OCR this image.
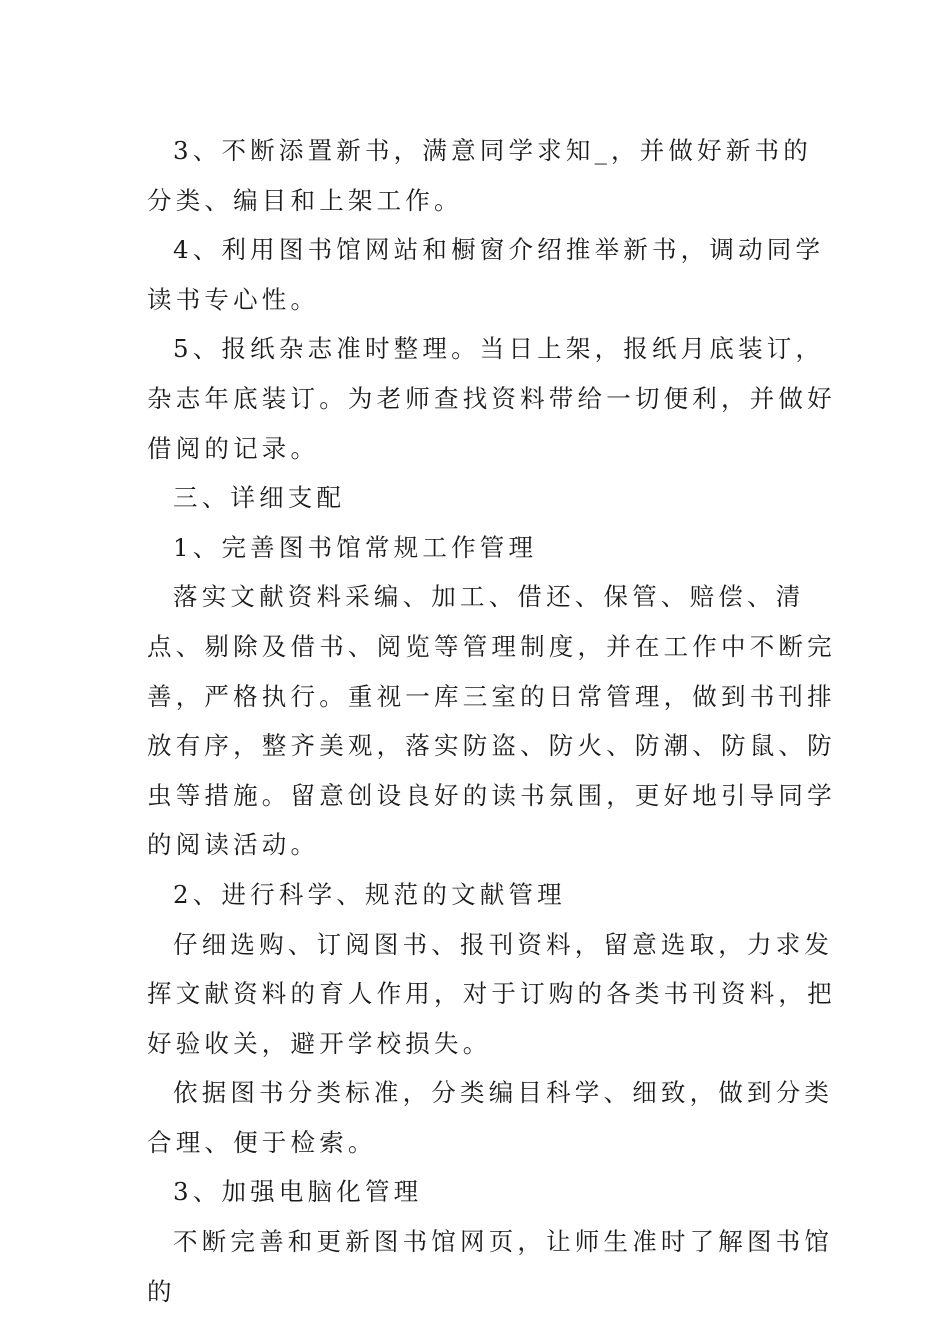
3、不断添置新书，满意同学求知_，并做好新书的分类、编目和上架工作。

4、利用图书馆网站和橱窗介绍推举新书，调动同学读书专心性。

5、报纸杂志准时整理。当日上架，报纸月底装订，杂志年底装订。为老师查找资料带给一切便利，并做好借阅的记录。

三、详细支配

1、完善图书馆常规工作管理

落实文献资料采编、加工、借还、保管、赔偿、清点、剔除及借书、阅览等管理制度，并在工作中不断完善，严格执行。重视一库三室的日常管理，做到书刊排放有序，整齐美观，落实防盗、防火、防潮、防鼠、防虫等措施。留意创设良好的读书氛围，更好地引导同学的阅读活动。

2、进行科学、规范的文献管理

仔细选购、订阅图书、报刊资料，留意选取，力求发挥文献资料的育人作用，对于订购的各类书刊资料，把好验收关，避开学校损失。

依据图书分类标准，分类编目科学、细致，做到分类合理、便于检索。

3、加强电脑化管理

不断完善和更新图书馆网页，让师生准时了解图书馆的
